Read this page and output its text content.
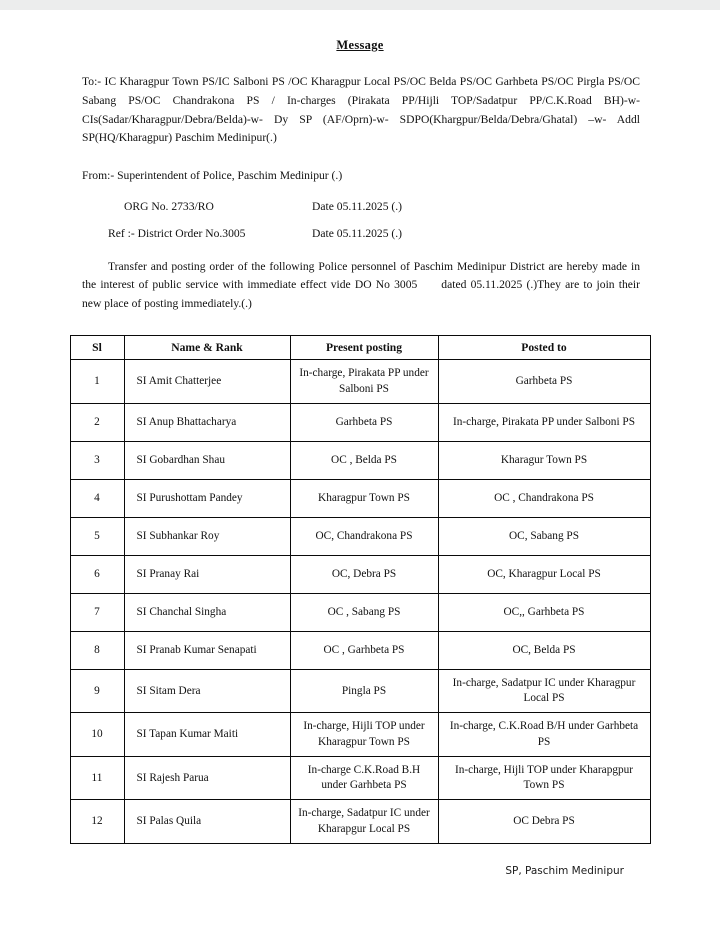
Message
To:- IC Kharagpur Town PS/IC Salboni PS /OC Kharagpur Local PS/OC Belda PS/OC Garhbeta PS/OC Pirgla PS/OC Sabang PS/OC Chandrakona PS / In-charges (Pirakata PP/Hijli TOP/Sadatpur PP/C.K.Road BH)-w- CIs(Sadar/Kharagpur/Debra/Belda)-w- Dy SP (AF/Oprn)-w- SDPO(Khargpur/Belda/Debra/Ghatal) –w- Addl SP(HQ/Kharagpur) Paschim Medinipur(.)
From:- Superintendent of Police, Paschim Medinipur (.)
ORG No. 2733/RO	Date 05.11.2025 (.)
Ref :- District Order No.3005	Date 05.11.2025 (.)
Transfer and posting order of the following Police personnel of Paschim Medinipur District are hereby made in the interest of public service with immediate effect vide DO No 3005 dated 05.11.2025 (.)They are to join their new place of posting immediately.(.)
Sl	Name & Rank	Present posting	Posted to
1	SI Amit Chatterjee	In-charge, Pirakata PP under Salboni PS	Garhbeta PS
2	SI Anup Bhattacharya	Garhbeta PS	In-charge, Pirakata PP under Salboni PS
3	SI Gobardhan Shau	OC , Belda PS	Kharagur Town PS
4	SI Purushottam Pandey	Kharagpur Town PS	OC , Chandrakona PS
5	SI Subhankar Roy	OC, Chandrakona PS	OC, Sabang PS
6	SI Pranay Rai	OC, Debra PS	OC, Kharagpur Local PS
7	SI Chanchal Singha	OC , Sabang PS	OC,, Garhbeta PS
8	SI Pranab Kumar Senapati	OC , Garhbeta PS	OC, Belda PS
9	SI Sitam Dera	Pingla PS	In-charge, Sadatpur IC under Kharagpur Local PS
10	SI Tapan Kumar Maiti	In-charge, Hijli TOP under Kharagpur Town PS	In-charge, C.K.Road B/H under Garhbeta PS
11	SI Rajesh Parua	In-charge C.K.Road B.H under Garhbeta PS	In-charge, Hijli TOP under Kharapgpur Town PS
12	SI Palas Quila	In-charge, Sadatpur IC under Kharapgur Local PS	OC Debra PS
SP, Paschim Medinipur
